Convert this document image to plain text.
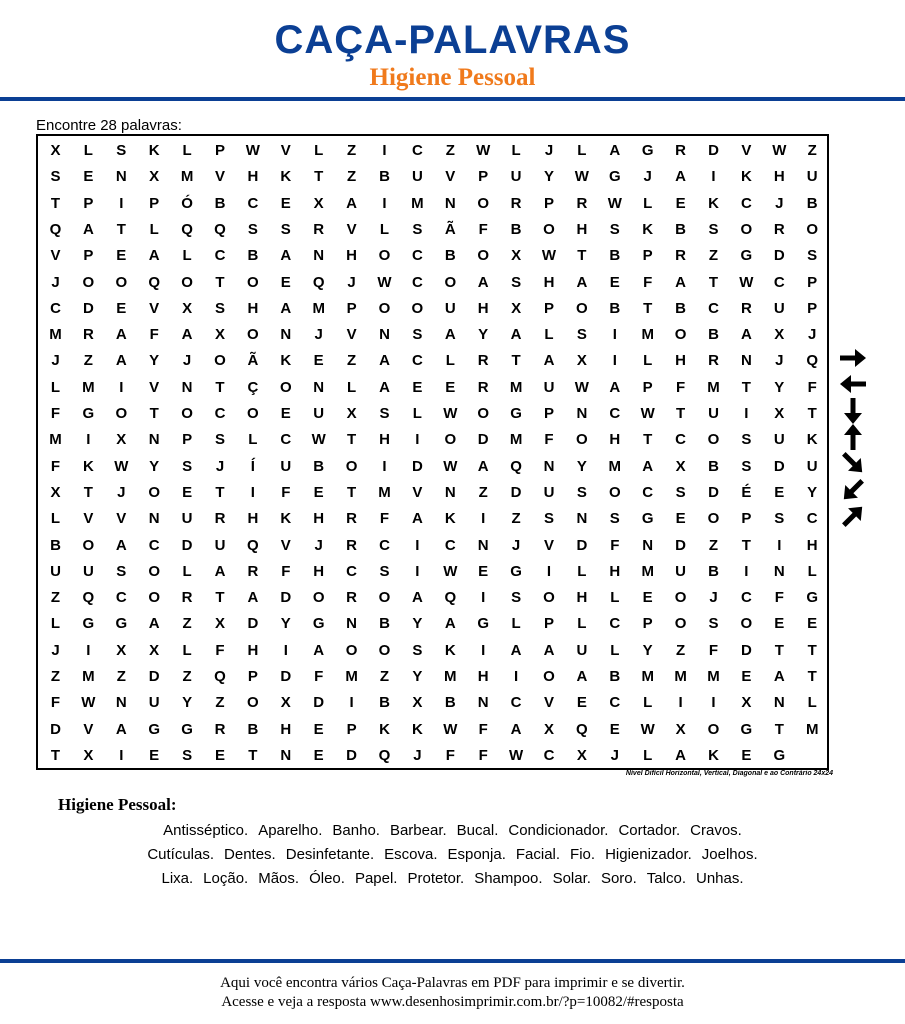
CAÇA-PALAVRAS
Higiene Pessoal
Encontre 28 palavras:
X	L	S	K	L	P	W	V	L	Z	I	C	Z	W	L	J	L	A	G	R	D	V	W	Z
S	E	N	X	M	V	H	K	T	Z	B	U	V	P	U	Y	W	G	J	A	I	K	H	U
T	P	I	P	Ó	B	C	E	X	A	I	M	N	O	R	P	R	W	L	E	K	C	J	B
Q	A	T	L	Q	Q	S	S	R	V	L	S	Ã	F	B	O	H	S	K	B	S	O	R	O
V	P	E	A	L	C	B	A	N	H	O	C	B	O	X	W	T	B	P	R	Z	G	D	S
J	O	O	Q	O	T	O	E	Q	J	W	C	O	A	S	H	A	E	F	A	T	W	C	P
C	D	E	V	X	S	H	A	M	P	O	O	U	H	X	P	O	B	T	B	C	R	U	P
M	R	A	F	A	X	O	N	J	V	N	S	A	Y	A	L	S	I	M	O	B	A	X	J
J	Z	A	Y	J	O	Ã	K	E	Z	A	C	L	R	T	A	X	I	L	H	R	N	J	Q
L	M	I	V	N	T	Ç	O	N	L	A	E	E	R	M	U	W	A	P	F	M	T	Y	F
F	G	O	T	O	C	O	E	U	X	S	L	W	O	G	P	N	C	W	T	U	I	X	T
M	I	X	N	P	S	L	C	W	T	H	I	O	D	M	F	O	H	T	C	O	S	U	K
F	K	W	Y	S	J	Í	U	B	O	I	D	W	A	Q	N	Y	M	A	X	B	S	D	U
X	T	J	O	E	T	I	F	E	T	M	V	N	Z	D	U	S	O	C	S	D	É	E	Y
L	V	V	N	U	R	H	K	H	R	F	A	K	I	Z	S	N	S	G	E	O	P	S	C
B	O	A	C	D	U	Q	V	J	R	C	I	C	N	J	V	D	F	N	D	Z	T	I	H
U	U	S	O	L	A	R	F	H	C	S	I	W	E	G	I	L	H	M	U	B	I	N	L
Z	Q	C	O	R	T	A	D	O	R	O	A	Q	I	S	O	H	L	E	O	J	C	F	G
L	G	G	A	Z	X	D	Y	G	N	B	Y	A	G	L	P	L	C	P	O	S	O	E	E
J	I	X	X	L	F	H	I	A	O	O	S	K	I	A	A	U	L	Y	Z	F	D	T	T
Z	M	Z	D	Z	Q	P	D	F	M	Z	Y	M	H	I	O	A	B	M	M	M	E	A	T
F	W	N	U	Y	Z	O	X	D	I	B	X	B	N	C	V	E	C	L	I	I	X	N	L
D	V	A	G	G	R	B	H	E	P	K	K	W	F	A	X	Q	E	W	X	O	G	T	M
T	X	I	E	S	E	T	N	E	D	Q	J	F	F	W	C	X	J	L	A	K	E	G
Nível Difícil Horizontal, Vertical, Diagonal e ao Contrário 24x24
Higiene Pessoal:
Antisséptico. Aparelho. Banho. Barbear. Bucal. Condicionador. Cortador. Cravos.
Cutículas. Dentes. Desinfetante. Escova. Esponja. Facial. Fio. Higienizador. Joelhos.
Lixa. Loção. Mãos. Óleo. Papel. Protetor. Shampoo. Solar. Soro. Talco. Unhas.
Aqui você encontra vários Caça-Palavras em PDF para imprimir e se divertir.
Acesse e veja a resposta www.desenhosimprimir.com.br/?p=10082/#resposta
